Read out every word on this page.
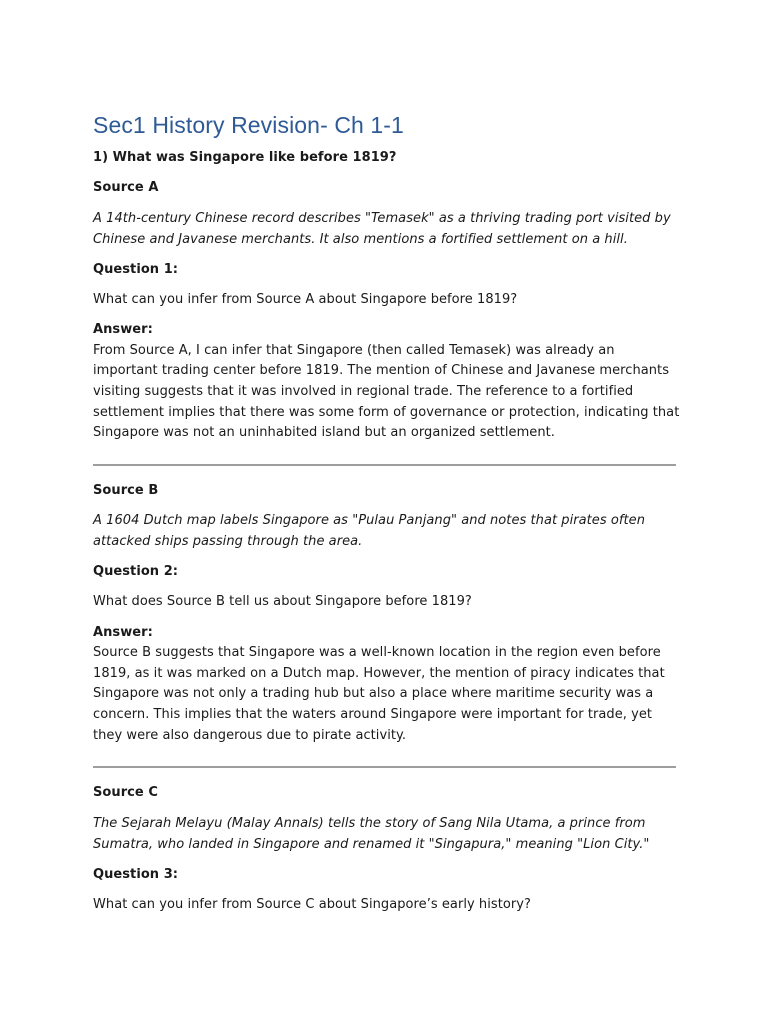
Sec1 History Revision- Ch 1-1

1) What was Singapore like before 1819?

Source A

A 14th-century Chinese record describes "Temasek" as a thriving trading port visited by Chinese and Javanese merchants. It also mentions a fortified settlement on a hill.

Question 1:

What can you infer from Source A about Singapore before 1819?

Answer:

From Source A, I can infer that Singapore (then called Temasek) was already an important trading center before 1819. The mention of Chinese and Javanese merchants visiting suggests that it was involved in regional trade. The reference to a fortified settlement implies that there was some form of governance or protection, indicating that Singapore was not an uninhabited island but an organized settlement.

Source B

A 1604 Dutch map labels Singapore as "Pulau Panjang" and notes that pirates often attacked ships passing through the area.

Question 2:

What does Source B tell us about Singapore before 1819?

Answer:

Source B suggests that Singapore was a well-known location in the region even before 1819, as it was marked on a Dutch map. However, the mention of piracy indicates that Singapore was not only a trading hub but also a place where maritime security was a concern. This implies that the waters around Singapore were important for trade, yet they were also dangerous due to pirate activity.

Source C

The Sejarah Melayu (Malay Annals) tells the story of Sang Nila Utama, a prince from Sumatra, who landed in Singapore and renamed it "Singapura," meaning "Lion City."

Question 3:

What can you infer from Source C about Singapore’s early history?
